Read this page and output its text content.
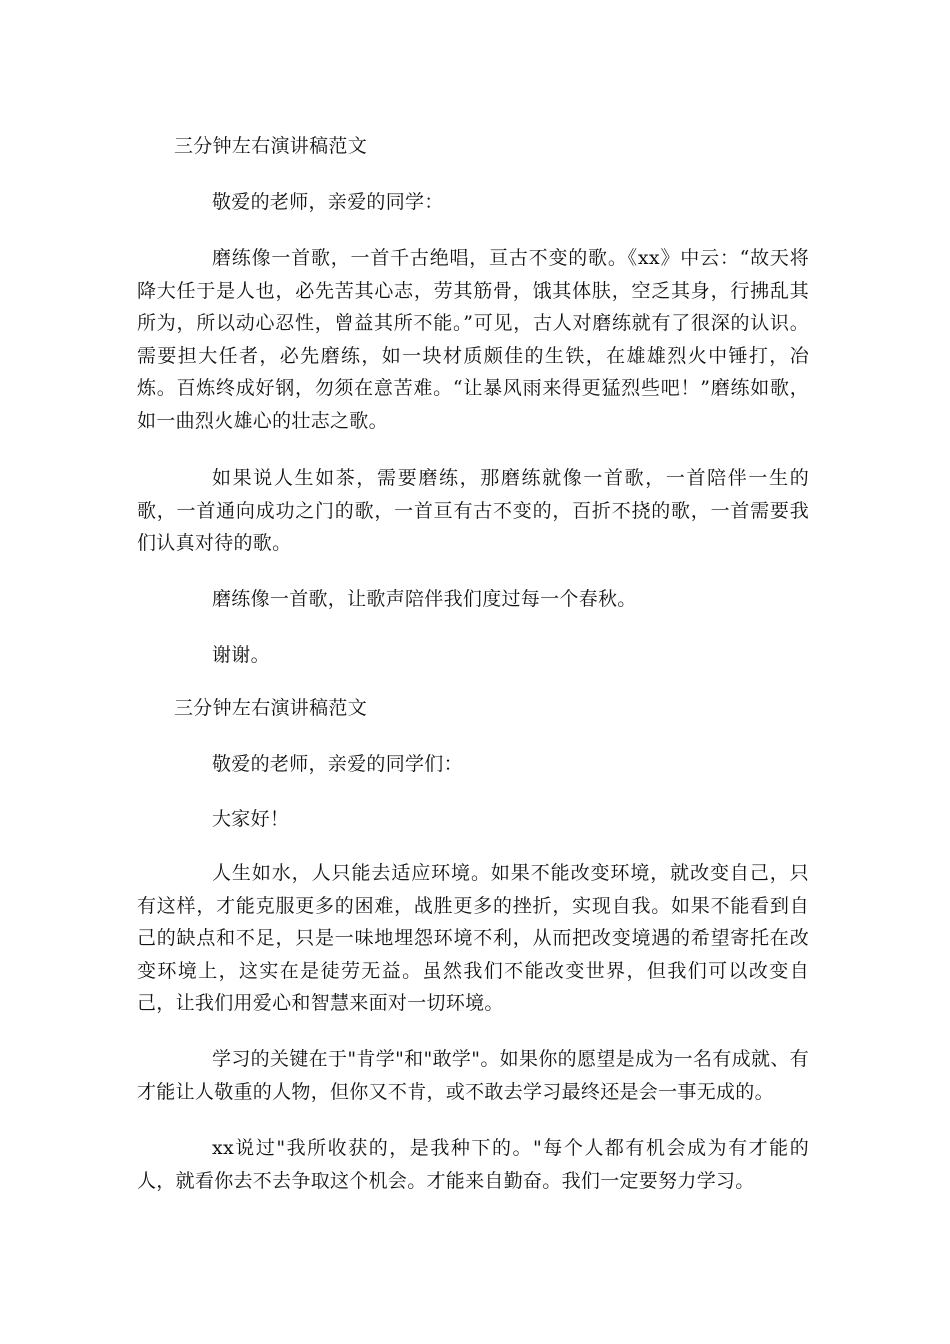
三分钟左右演讲稿范文

敬爱的老师，亲爱的同学：

磨练像一首歌，一首千古绝唱，亘古不变的歌。《xx》中云：“故天将降大任于是人也，必先苦其心志，劳其筋骨，饿其体肤，空乏其身，行拂乱其所为，所以动心忍性，曾益其所不能。”可见，古人对磨练就有了很深的认识。需要担大任者，必先磨练，如一块材质颇佳的生铁，在雄雄烈火中锤打，冶炼。百炼终成好钢，勿须在意苦难。“让暴风雨来得更猛烈些吧！”磨练如歌，如一曲烈火雄心的壮志之歌。

如果说人生如茶，需要磨练，那磨练就像一首歌，一首陪伴一生的歌，一首通向成功之门的歌，一首亘有古不变的，百折不挠的歌，一首需要我们认真对待的歌。

磨练像一首歌，让歌声陪伴我们度过每一个春秋。

谢谢。

三分钟左右演讲稿范文

敬爱的老师，亲爱的同学们：

大家好！

人生如水，人只能去适应环境。如果不能改变环境，就改变自己，只有这样，才能克服更多的困难，战胜更多的挫折，实现自我。如果不能看到自己的缺点和不足，只是一味地埋怨环境不利，从而把改变境遇的希望寄托在改变环境上，这实在是徒劳无益。虽然我们不能改变世界，但我们可以改变自己，让我们用爱心和智慧来面对一切环境。

学习的关键在于"肯学"和"敢学"。如果你的愿望是成为一名有成就、有才能让人敬重的人物，但你又不肯，或不敢去学习最终还是会一事无成的。

xx说过"我所收获的，是我种下的。"每个人都有机会成为有才能的人，就看你去不去争取这个机会。才能来自勤奋。我们一定要努力学习。
